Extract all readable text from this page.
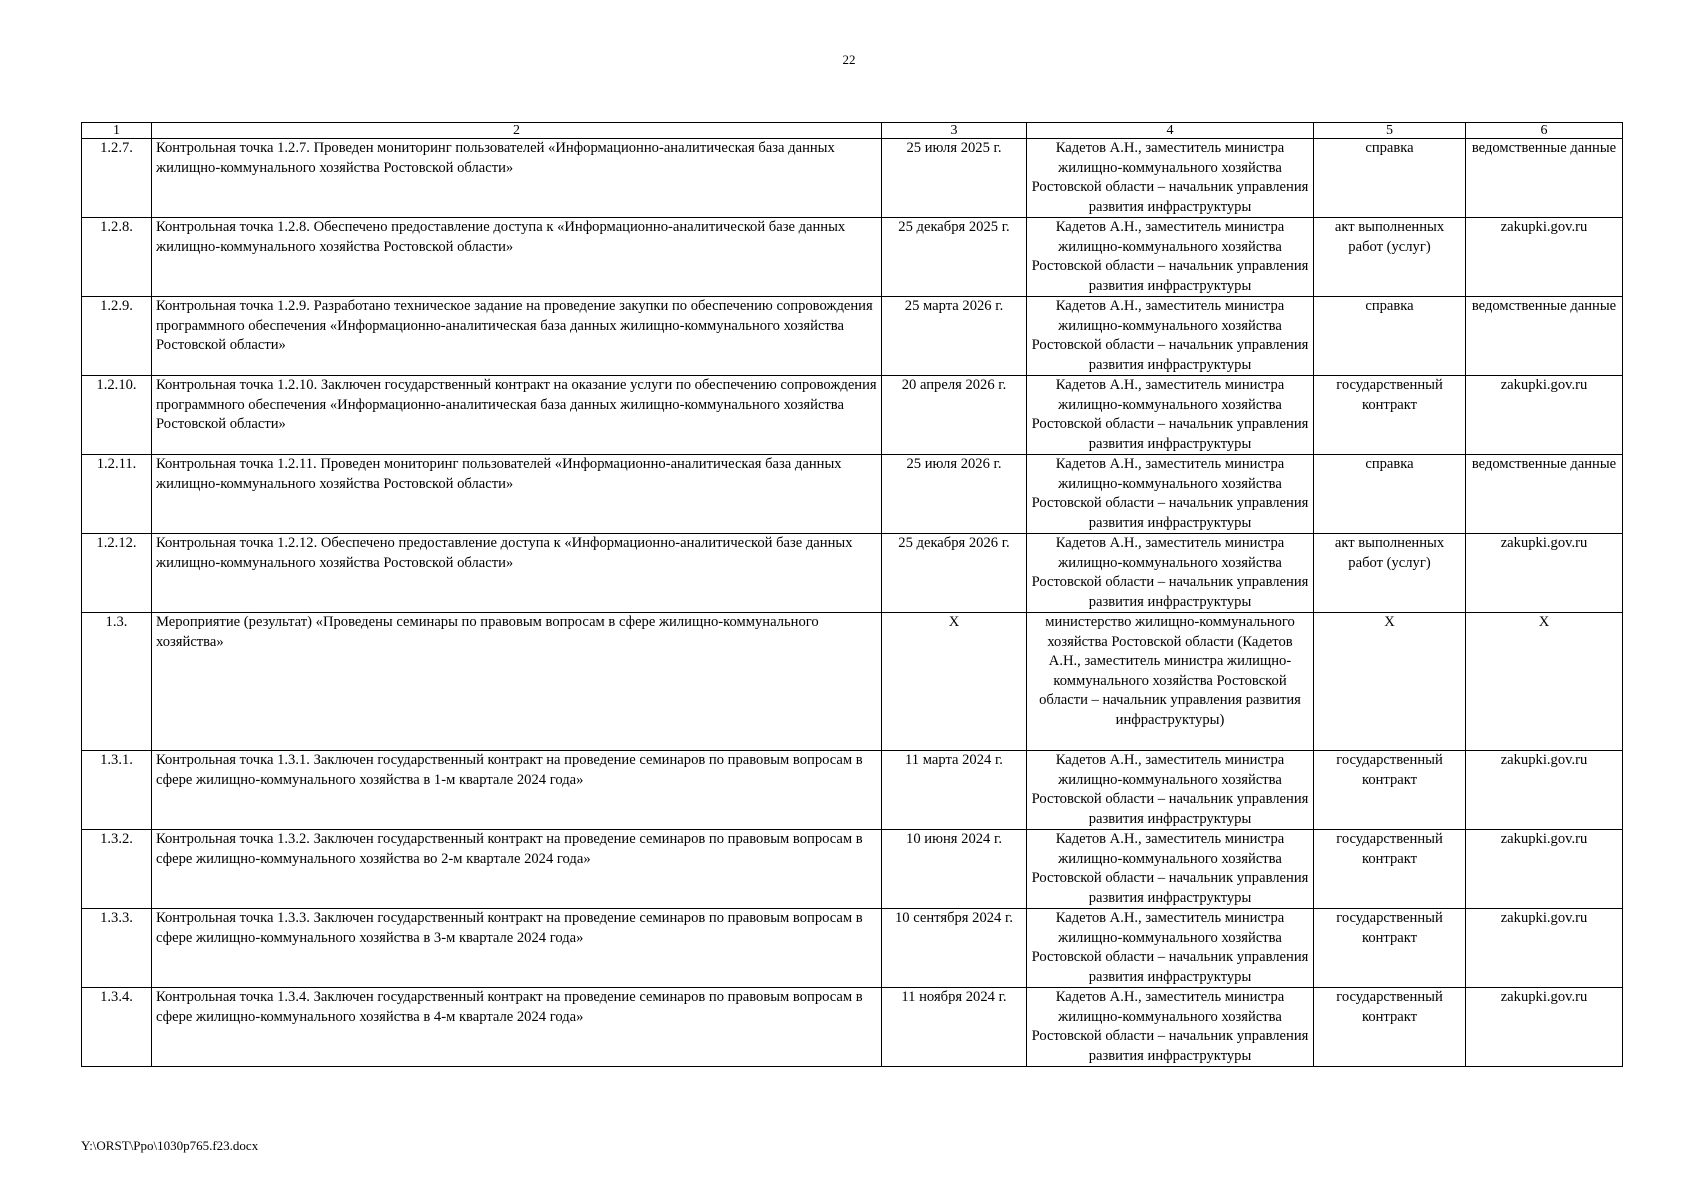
22
1	2	3	4	5	6
1.2.7.	Контрольная точка 1.2.7. Проведен мониторинг пользователей «Информационно-аналитическая база данных жилищно-коммунального хозяйства Ростовской области»	25 июля 2025 г.	Кадетов А.Н., заместитель министра жилищно-коммунального хозяйства Ростовской области – начальник управления развития инфраструктуры	справка	ведомственные данные
1.2.8.	Контрольная точка 1.2.8. Обеспечено предоставление доступа к «Информационно-аналитической базе данных жилищно-коммунального хозяйства Ростовской области»	25 декабря 2025 г.	Кадетов А.Н., заместитель министра жилищно-коммунального хозяйства Ростовской области – начальник управления развития инфраструктуры	акт выполненных работ (услуг)	zakupki.gov.ru
1.2.9.	Контрольная точка 1.2.9. Разработано техническое задание на проведение закупки по обеспечению сопровождения программного обеспечения «Информационно-аналитическая база данных жилищно-коммунального хозяйства Ростовской области»	25 марта 2026 г.	Кадетов А.Н., заместитель министра жилищно-коммунального хозяйства Ростовской области – начальник управления развития инфраструктуры	справка	ведомственные данные
1.2.10.	Контрольная точка 1.2.10. Заключен государственный контракт на оказание услуги по обеспечению сопровождения программного обеспечения «Информационно-аналитическая база данных жилищно-коммунального хозяйства Ростовской области»	20 апреля 2026 г.	Кадетов А.Н., заместитель министра жилищно-коммунального хозяйства Ростовской области – начальник управления развития инфраструктуры	государственный контракт	zakupki.gov.ru
1.2.11.	Контрольная точка 1.2.11. Проведен мониторинг пользователей «Информационно-аналитическая база данных жилищно-коммунального хозяйства Ростовской области»	25 июля 2026 г.	Кадетов А.Н., заместитель министра жилищно-коммунального хозяйства Ростовской области – начальник управления развития инфраструктуры	справка	ведомственные данные
1.2.12.	Контрольная точка 1.2.12. Обеспечено предоставление доступа к «Информационно-аналитической базе данных жилищно-коммунального хозяйства Ростовской области»	25 декабря 2026 г.	Кадетов А.Н., заместитель министра жилищно-коммунального хозяйства Ростовской области – начальник управления развития инфраструктуры	акт выполненных работ (услуг)	zakupki.gov.ru
1.3.	Мероприятие (результат) «Проведены семинары по правовым вопросам в сфере жилищно-коммунального хозяйства»	X	министерство жилищно-коммунального хозяйства Ростовской области (Кадетов А.Н., заместитель министра жилищно-коммунального хозяйства Ростовской области – начальник управления развития инфраструктуры)	X	X
1.3.1.	Контрольная точка 1.3.1. Заключен государственный контракт на проведение семинаров по правовым вопросам в сфере жилищно-коммунального хозяйства в 1-м квартале 2024 года»	11 марта 2024 г.	Кадетов А.Н., заместитель министра жилищно-коммунального хозяйства Ростовской области – начальник управления развития инфраструктуры	государственный контракт	zakupki.gov.ru
1.3.2.	Контрольная точка 1.3.2. Заключен государственный контракт на проведение семинаров по правовым вопросам в сфере жилищно-коммунального хозяйства во 2-м квартале 2024 года»	10 июня 2024 г.	Кадетов А.Н., заместитель министра жилищно-коммунального хозяйства Ростовской области – начальник управления развития инфраструктуры	государственный контракт	zakupki.gov.ru
1.3.3.	Контрольная точка 1.3.3. Заключен государственный контракт на проведение семинаров по правовым вопросам в сфере жилищно-коммунального хозяйства в 3-м квартале 2024 года»	10 сентября 2024 г.	Кадетов А.Н., заместитель министра жилищно-коммунального хозяйства Ростовской области – начальник управления развития инфраструктуры	государственный контракт	zakupki.gov.ru
1.3.4.	Контрольная точка 1.3.4. Заключен государственный контракт на проведение семинаров по правовым вопросам в сфере жилищно-коммунального хозяйства в 4-м квартале 2024 года»	11 ноября 2024 г.	Кадетов А.Н., заместитель министра жилищно-коммунального хозяйства Ростовской области – начальник управления развития инфраструктуры	государственный контракт	zakupki.gov.ru
Y:\ORST\Ppo\1030p765.f23.docx
